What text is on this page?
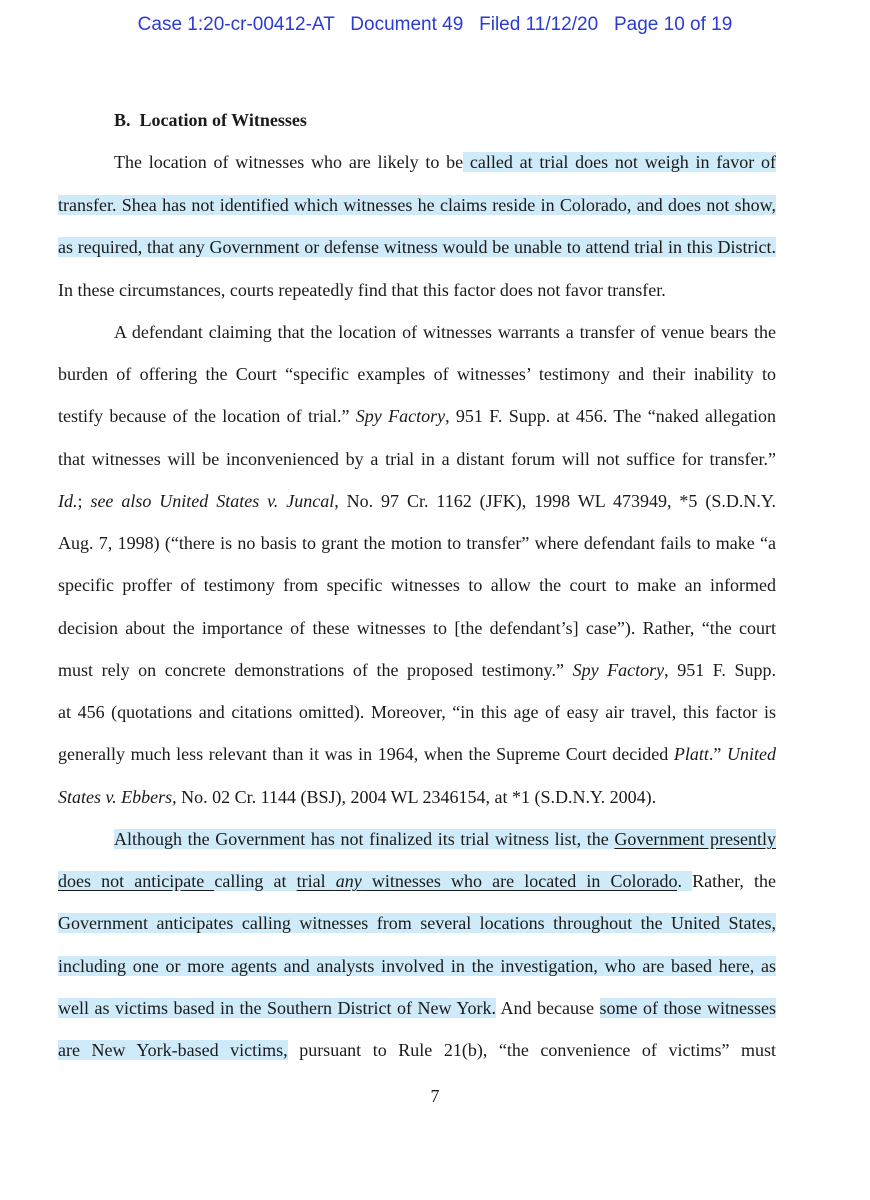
Case 1:20-cr-00412-AT   Document 49   Filed 11/12/20   Page 10 of 19
B.  Location of Witnesses
The location of witnesses who are likely to be called at trial does not weigh in favor of
transfer. Shea has not identified which witnesses he claims reside in Colorado, and does not show,
as required, that any Government or defense witness would be unable to attend trial in this District.
In these circumstances, courts repeatedly find that this factor does not favor transfer.
A defendant claiming that the location of witnesses warrants a transfer of venue bears the
burden of offering the Court “specific examples of witnesses’ testimony and their inability to
testify because of the location of trial.” Spy Factory, 951 F. Supp. at 456. The “naked allegation
that witnesses will be inconvenienced by a trial in a distant forum will not suffice for transfer.”
Id.; see also United States v. Juncal, No. 97 Cr. 1162 (JFK), 1998 WL 473949, *5 (S.D.N.Y.
Aug. 7, 1998) (“there is no basis to grant the motion to transfer” where defendant fails to make “a
specific proffer of testimony from specific witnesses to allow the court to make an informed
decision about the importance of these witnesses to [the defendant’s] case”). Rather, “the court
must rely on concrete demonstrations of the proposed testimony.” Spy Factory, 951 F. Supp.
at 456 (quotations and citations omitted). Moreover, “in this age of easy air travel, this factor is
generally much less relevant than it was in 1964, when the Supreme Court decided Platt.” United
States v. Ebbers, No. 02 Cr. 1144 (BSJ), 2004 WL 2346154, at *1 (S.D.N.Y. 2004).
Although the Government has not finalized its trial witness list, the Government presently
does not anticipate calling at trial any witnesses who are located in Colorado. Rather, the
Government anticipates calling witnesses from several locations throughout the United States,
including one or more agents and analysts involved in the investigation, who are based here, as
well as victims based in the Southern District of New York. And because some of those witnesses
are New York-based victims, pursuant to Rule 21(b), “the convenience of victims” must
7
